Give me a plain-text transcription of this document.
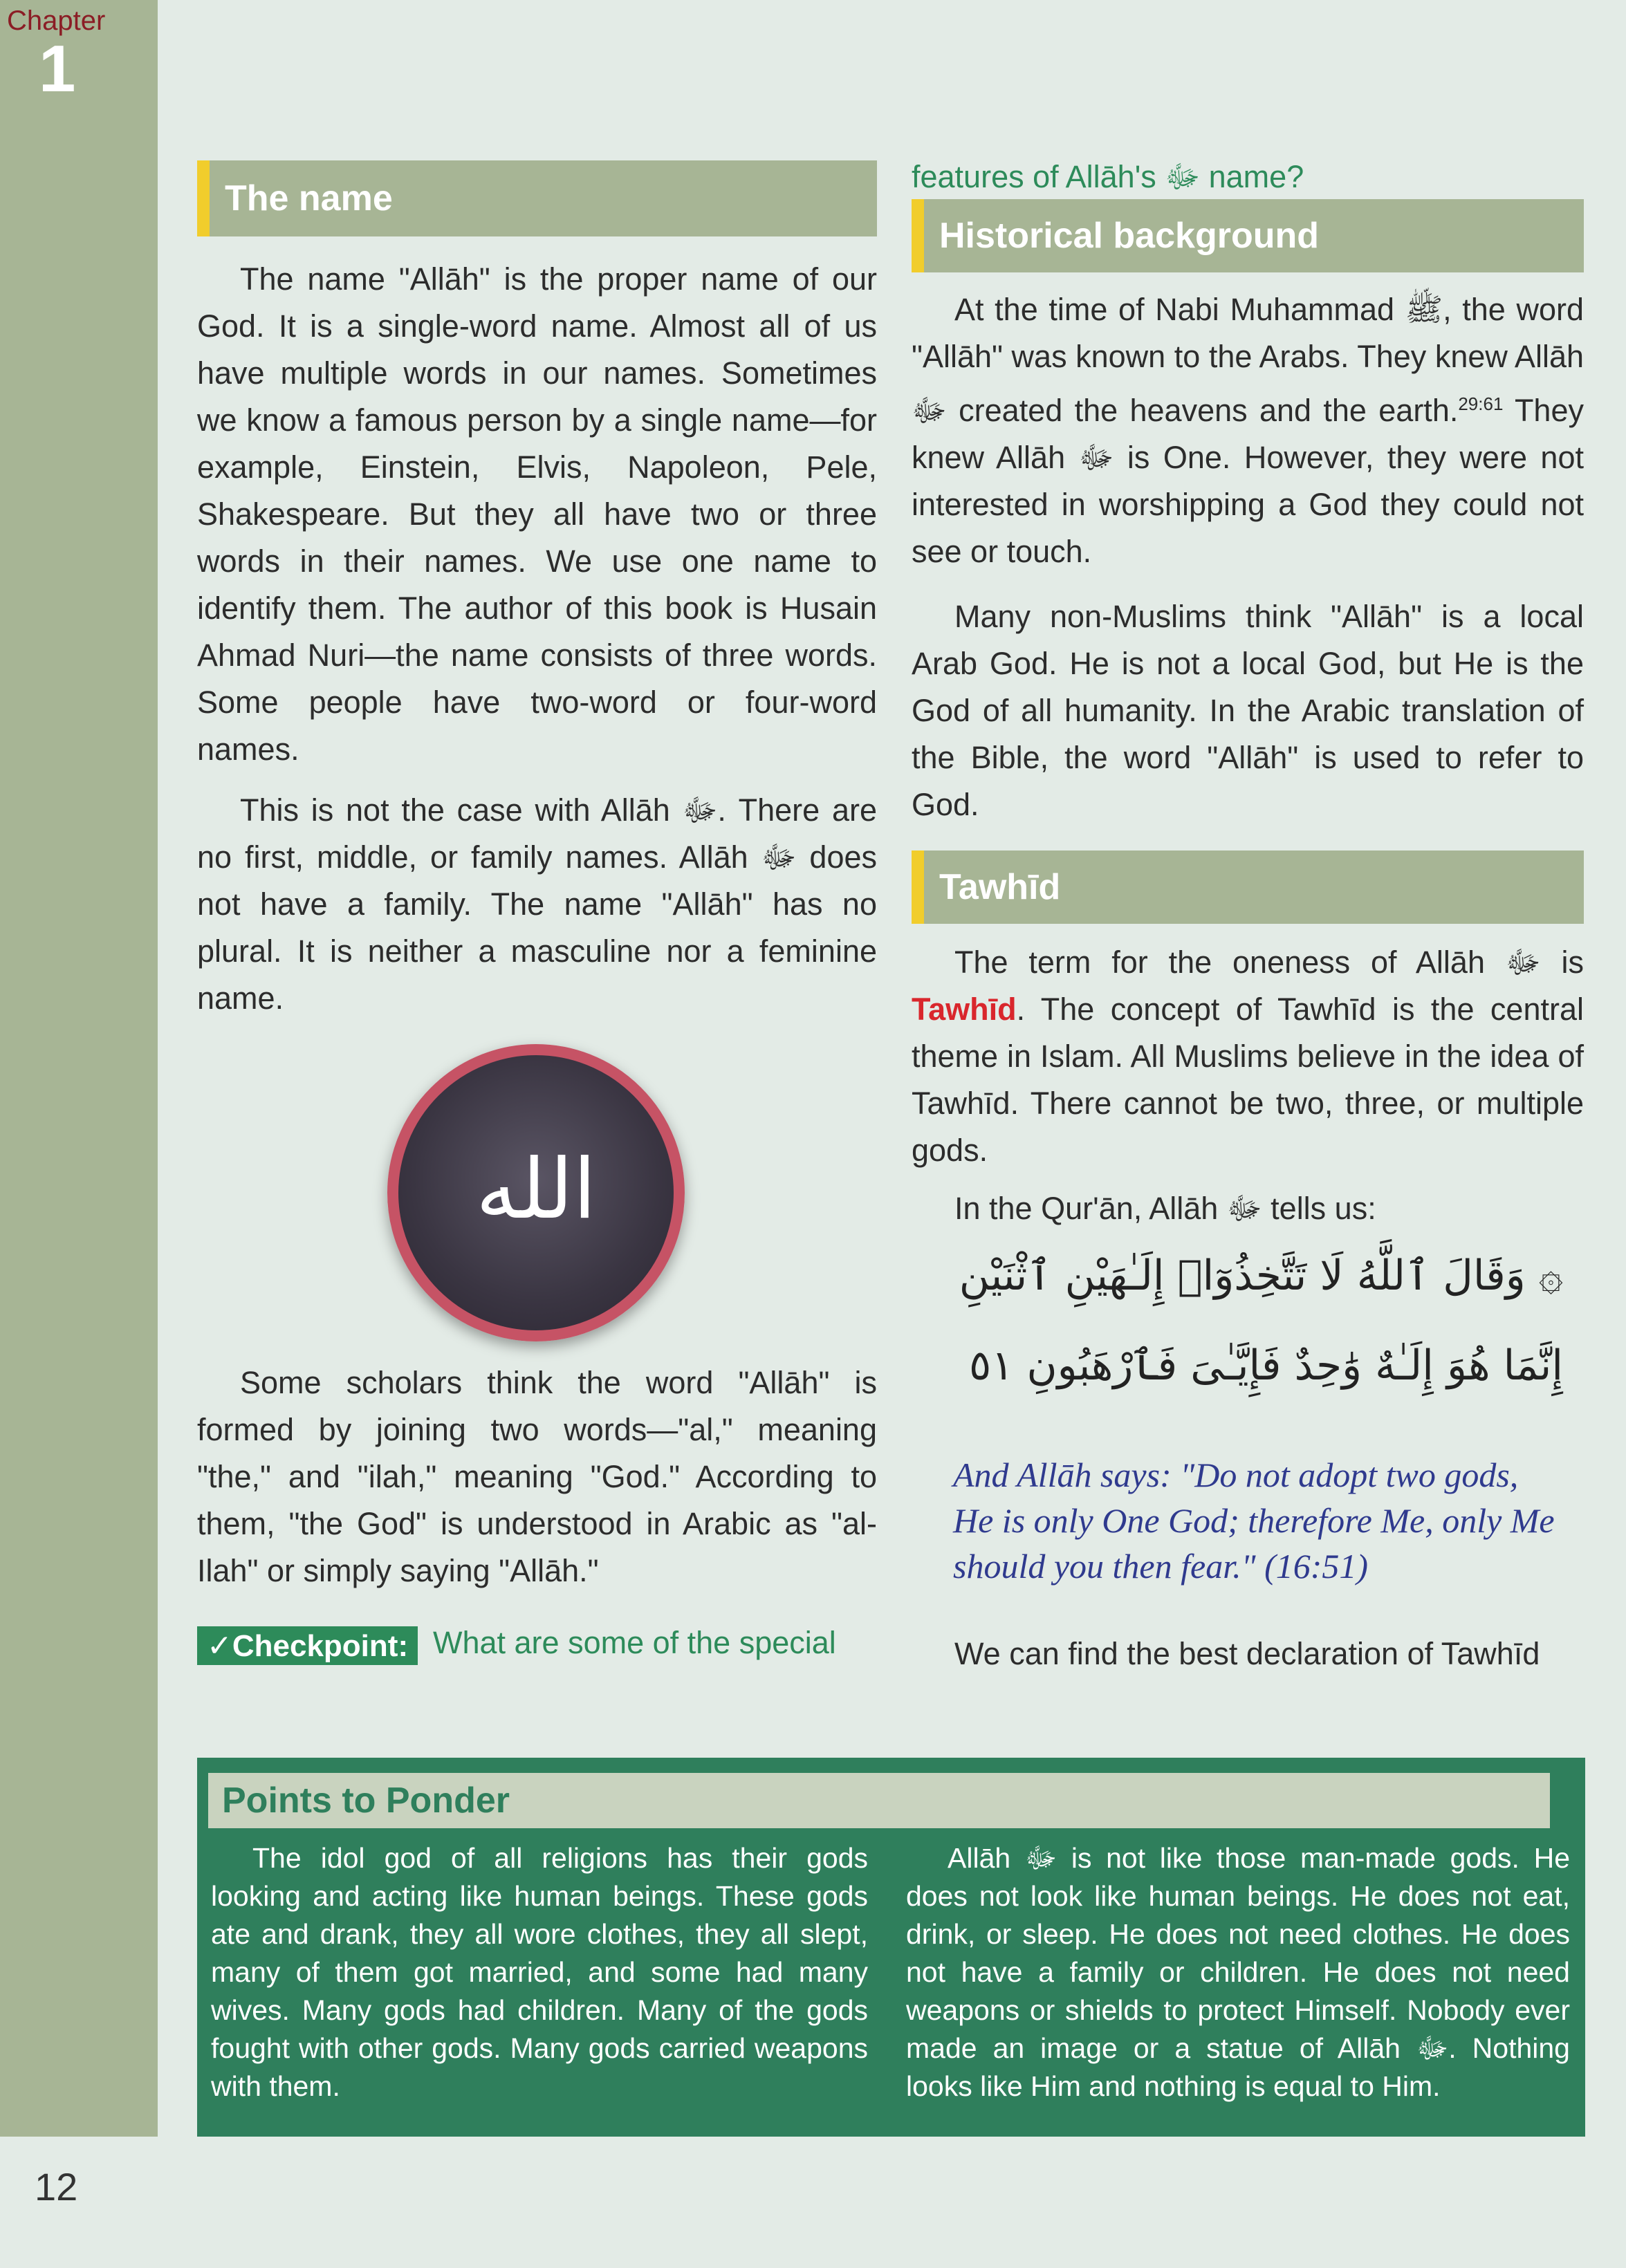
Chapter
1
The name

The name "Allāh" is the proper name of our God. It is a single-word name. Almost all of us have multiple words in our names. Sometimes we know a famous person by a single name—for example, Einstein, Elvis, Napoleon, Pele, Shakespeare. But they all have two or three words in their names. We use one name to identify them. The author of this book is Husain Ahmad Nuri—the name consists of three words. Some people have two-word or four-word names.

This is not the case with Allāh ﷻ. There are no first, middle, or family names. Allāh ﷻ does not have a family. The name "Allāh" has no plural. It is neither a masculine nor a feminine name.

الله

Some scholars think the word "Allāh" is formed by joining two words—"al," meaning "the," and "ilah," meaning "God." According to them, "the God" is understood in Arabic as "al-Ilah" or simply saying "Allāh."

✓Checkpoint: What are some of the special
features of Allāh's ﷻ name?
Historical background

At the time of Nabi Muhammad ﷺ, the word "Allāh" was known to the Arabs. They knew Allāh ﷻ created the heavens and the earth.$^{29:61}$ They knew Allāh ﷻ is One. However, they were not interested in worshipping a God they could not see or touch.

Many non-Muslims think "Allāh" is a local Arab God. He is not a local God, but He is the God of all humanity. In the Arabic translation of the Bible, the word "Allāh" is used to refer to God.

Tawhīd

The term for the oneness of Allāh ﷻ is Tawhīd. The concept of Tawhīd is the central theme in Islam. All Muslims believe in the idea of Tawhīd. There cannot be two, three, or multiple gods.

In the Qur'ān, Allāh ﷻ tells us:

۞ وَقَالَ ٱللَّهُ لَا تَتَّخِذُوٓا۟ إِلَـٰهَيْنِ ٱثْنَيْنِ
إِنَّمَا هُوَ إِلَـٰهٌ وَٰحِدٌ فَإِيَّـٰىَ فَٱرْهَبُونِ ٥١
And Allāh says: "Do not adopt two gods, He is only One God; therefore Me, only Me should you then fear." (16:51)

We can find the best declaration of Tawhīd

Points to Ponder

The idol god of all religions has their gods looking and acting like human beings. These gods ate and drank, they all wore clothes, they all slept, many of them got married, and some had many wives. Many gods had children. Many of the gods fought with other gods. Many gods carried weapons with them.

Allāh ﷻ is not like those man-made gods. He does not look like human beings. He does not eat, drink, or sleep. He does not need clothes. He does not have a family or children. He does not need weapons or shields to protect Himself. Nobody ever made an image or a statue of Allāh ﷻ. Nothing looks like Him and nothing is equal to Him.

12
